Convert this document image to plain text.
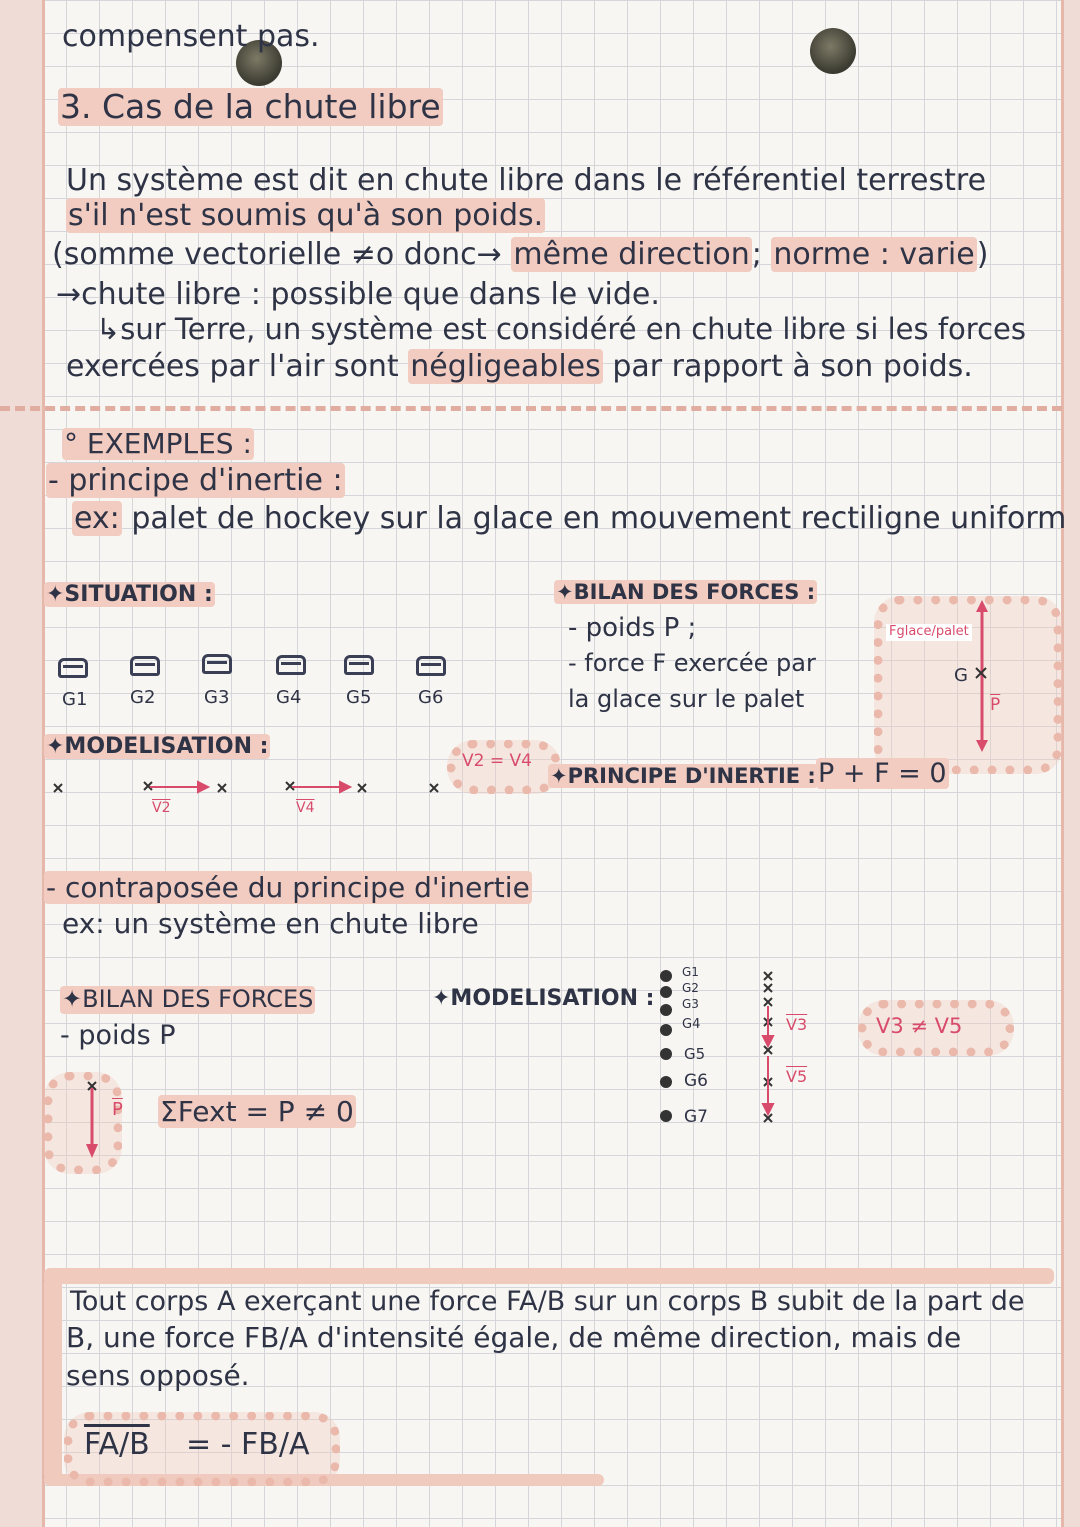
compensent pas.
3. Cas de la chute libre
Un système est dit en chute libre dans le référentiel terrestre
s'il n'est soumis qu'à son poids.
(somme vectorielle ≠o donc→ même direction; norme : varie)
→chute libre : possible que dans le vide.
↳sur Terre, un système est considéré en chute libre si les forces
exercées par l'air sont négligeables par rapport à son poids.
° EXEMPLES :
- principe d'inertie :
ex: palet de hockey sur la glace en mouvement rectiligne uniform
✦SITUATION :
G1 G2	G3	G4 G5	G6
✦MODELISATION :
V2	V4
V2 = V4
✦BILAN DES FORCES :
- poids P ;
- force F exercée par
la glace sur le palet
Fglace/palet
G
$\overline{P}$
✦PRINCIPE D'INERTIE : P + F = 0
- contraposée du principe d'inertie
ex: un système en chute libre
✦BILAN DES FORCES
- poids P
$\overline{P}$ ΣFext = P ≠ 0
✦MODELISATION :
G1
G2
G3
G4
G5
G6
G7
V3
V5
V3 ≠ V5
Tout corps A exerçant une force FA/B sur un corps B subit de la part de
B, une force FB/A d'intensité égale, de même direction, mais de
sens opposé.
FA/B = - FB/A
